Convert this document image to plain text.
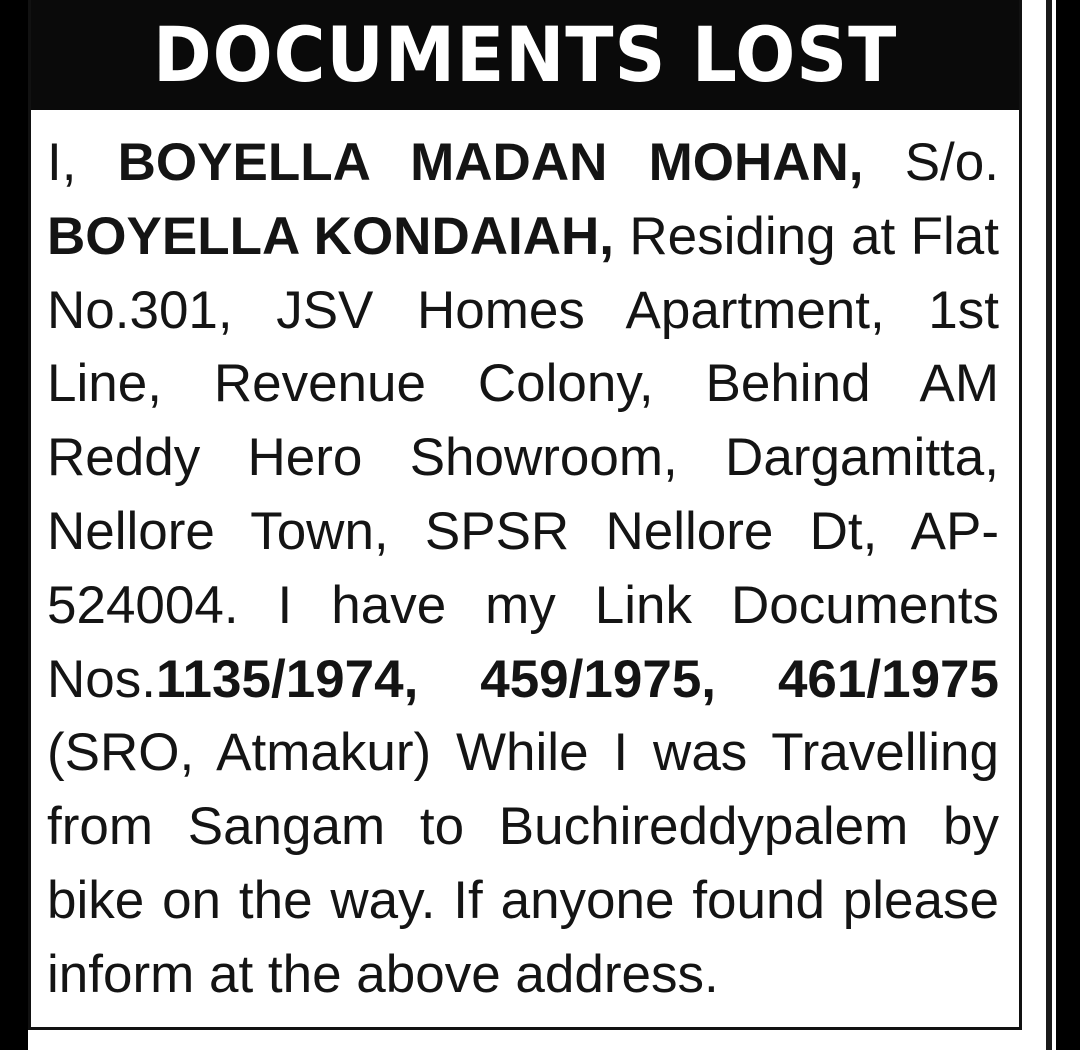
DOCUMENTS LOST
I, BOYELLA MADAN MOHAN, S/o. BOYELLA KONDAIAH, Residing at Flat No.301, JSV Homes Apartment, 1st Line, Revenue Colony, Behind AM Reddy Hero Showroom, Dargamitta, Nellore Town, SPSR Nellore Dt, AP-524004. I have my Link Documents Nos.1135/1974, 459/1975, 461/1975 (SRO, Atmakur) While I was Travelling from Sangam to Buchireddypalem by bike on the way. If anyone found please inform at the above address.
